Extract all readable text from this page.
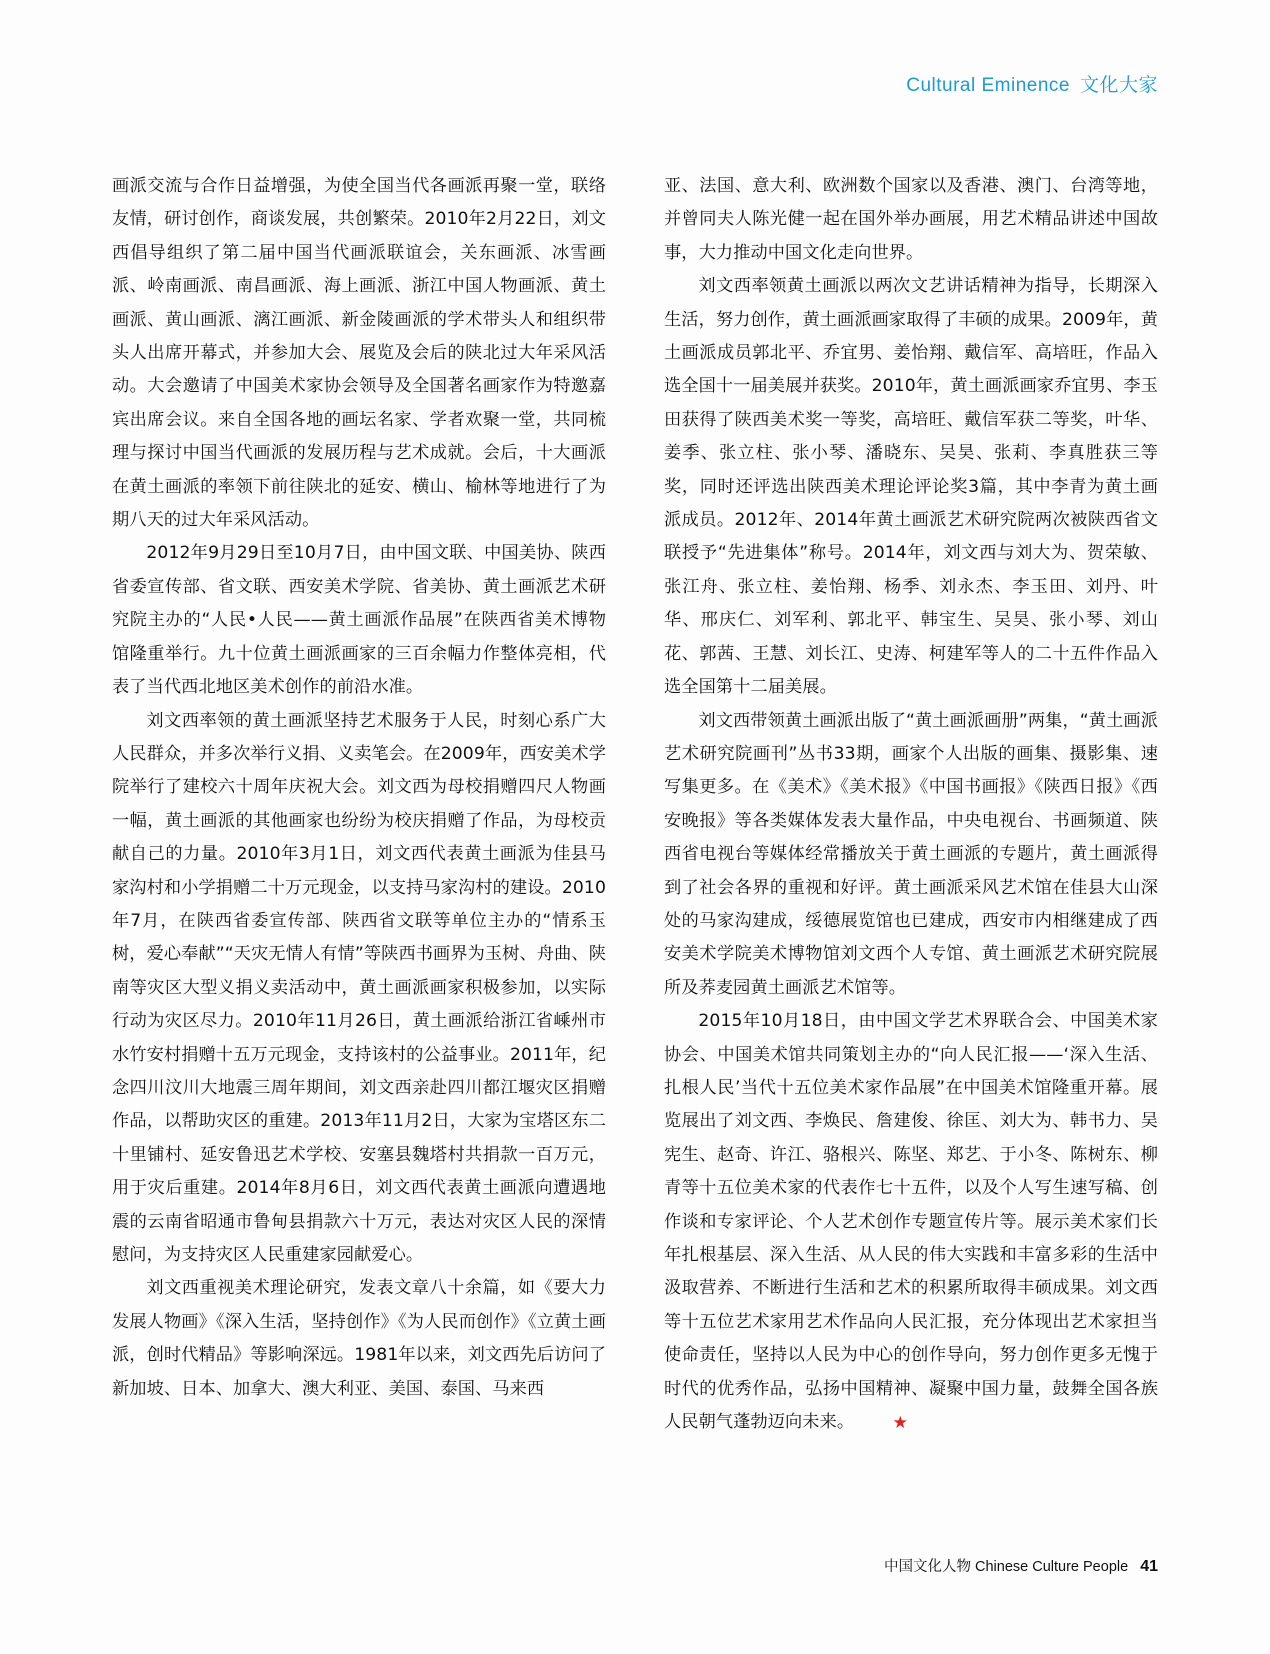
Cultural Eminence 文化大家

画派交流与合作日益增强，为使全国当代各画派再聚一堂，联络友情，研讨创作，商谈发展，共创繁荣。2010年2月22日，刘文西倡导组织了第二届中国当代画派联谊会，关东画派、冰雪画派、岭南画派、南昌画派、海上画派、浙江中国人物画派、黄土画派、黄山画派、漓江画派、新金陵画派的学术带头人和组织带头人出席开幕式，并参加大会、展览及会后的陕北过大年采风活动。大会邀请了中国美术家协会领导及全国著名画家作为特邀嘉宾出席会议。来自全国各地的画坛名家、学者欢聚一堂，共同梳理与探讨中国当代画派的发展历程与艺术成就。会后，十大画派在黄土画派的率领下前往陕北的延安、横山、榆林等地进行了为期八天的过大年采风活动。

2012年9月29日至10月7日，由中国文联、中国美协、陕西省委宣传部、省文联、西安美术学院、省美协、黄土画派艺术研究院主办的“人民•人民——黄土画派作品展”在陕西省美术博物馆隆重举行。九十位黄土画派画家的三百余幅力作整体亮相，代表了当代西北地区美术创作的前沿水准。

刘文西率领的黄土画派坚持艺术服务于人民，时刻心系广大人民群众，并多次举行义捐、义卖笔会。在2009年，西安美术学院举行了建校六十周年庆祝大会。刘文西为母校捐赠四尺人物画一幅，黄土画派的其他画家也纷纷为校庆捐赠了作品，为母校贡献自己的力量。2010年3月1日，刘文西代表黄土画派为佳县马家沟村和小学捐赠二十万元现金，以支持马家沟村的建设。2010年7月，在陕西省委宣传部、陕西省文联等单位主办的“情系玉树，爱心奉献”“天灾无情人有情”等陕西书画界为玉树、舟曲、陕南等灾区大型义捐义卖活动中，黄土画派画家积极参加，以实际行动为灾区尽力。2010年11月26日，黄土画派给浙江省嵊州市水竹安村捐赠十五万元现金，支持该村的公益事业。2011年，纪念四川汶川大地震三周年期间，刘文西亲赴四川都江堰灾区捐赠作品，以帮助灾区的重建。2013年11月2日，大家为宝塔区东二十里铺村、延安鲁迅艺术学校、安塞县魏塔村共捐款一百万元，用于灾后重建。2014年8月6日，刘文西代表黄土画派向遭遇地震的云南省昭通市鲁甸县捐款六十万元，表达对灾区人民的深情慰问，为支持灾区人民重建家园献爱心。

刘文西重视美术理论研究，发表文章八十余篇，如《要大力发展人物画》《深入生活，坚持创作》《为人民而创作》《立黄土画派，创时代精品》等影响深远。1981年以来，刘文西先后访问了新加坡、日本、加拿大、澳大利亚、美国、泰国、马来西

亚、法国、意大利、欧洲数个国家以及香港、澳门、台湾等地，并曾同夫人陈光健一起在国外举办画展，用艺术精品讲述中国故事，大力推动中国文化走向世界。

刘文西率领黄土画派以两次文艺讲话精神为指导，长期深入生活，努力创作，黄土画派画家取得了丰硕的成果。2009年，黄土画派成员郭北平、乔宜男、姜怡翔、戴信军、高培旺，作品入选全国十一届美展并获奖。2010年，黄土画派画家乔宜男、李玉田获得了陕西美术奖一等奖，高培旺、戴信军获二等奖，叶华、姜季、张立柱、张小琴、潘晓东、吴昊、张莉、李真胜获三等奖，同时还评选出陕西美术理论评论奖3篇，其中李青为黄土画派成员。2012年、2014年黄土画派艺术研究院两次被陕西省文联授予“先进集体”称号。2014年，刘文西与刘大为、贺荣敏、张江舟、张立柱、姜怡翔、杨季、刘永杰、李玉田、刘丹、叶华、邢庆仁、刘军利、郭北平、韩宝生、吴昊、张小琴、刘山花、郭茜、王慧、刘长江、史涛、柯建军等人的二十五件作品入选全国第十二届美展。

刘文西带领黄土画派出版了“黄土画派画册”两集，“黄土画派艺术研究院画刊”丛书33期，画家个人出版的画集、摄影集、速写集更多。在《美术》《美术报》《中国书画报》《陕西日报》《西安晚报》等各类媒体发表大量作品，中央电视台、书画频道、陕西省电视台等媒体经常播放关于黄土画派的专题片，黄土画派得到了社会各界的重视和好评。黄土画派采风艺术馆在佳县大山深处的马家沟建成，绥德展览馆也已建成，西安市内相继建成了西安美术学院美术博物馆刘文西个人专馆、黄土画派艺术研究院展所及荞麦园黄土画派艺术馆等。

2015年10月18日，由中国文学艺术界联合会、中国美术家协会、中国美术馆共同策划主办的“向人民汇报——‘深入生活、扎根人民’当代十五位美术家作品展”在中国美术馆隆重开幕。展览展出了刘文西、李焕民、詹建俊、徐匡、刘大为、韩书力、吴宪生、赵奇、许江、骆根兴、陈坚、郑艺、于小冬、陈树东、柳青等十五位美术家的代表作七十五件，以及个人写生速写稿、创作谈和专家评论、个人艺术创作专题宣传片等。展示美术家们长年扎根基层、深入生活、从人民的伟大实践和丰富多彩的生活中汲取营养、不断进行生活和艺术的积累所取得丰硕成果。刘文西等十五位艺术家用艺术作品向人民汇报，充分体现出艺术家担当使命责任，坚持以人民为中心的创作导向，努力创作更多无愧于时代的优秀作品，弘扬中国精神、凝聚中国力量，鼓舞全国各族人民朝气蓬勃迈向未来。 ★

中国文化人物 Chinese Culture People 41
